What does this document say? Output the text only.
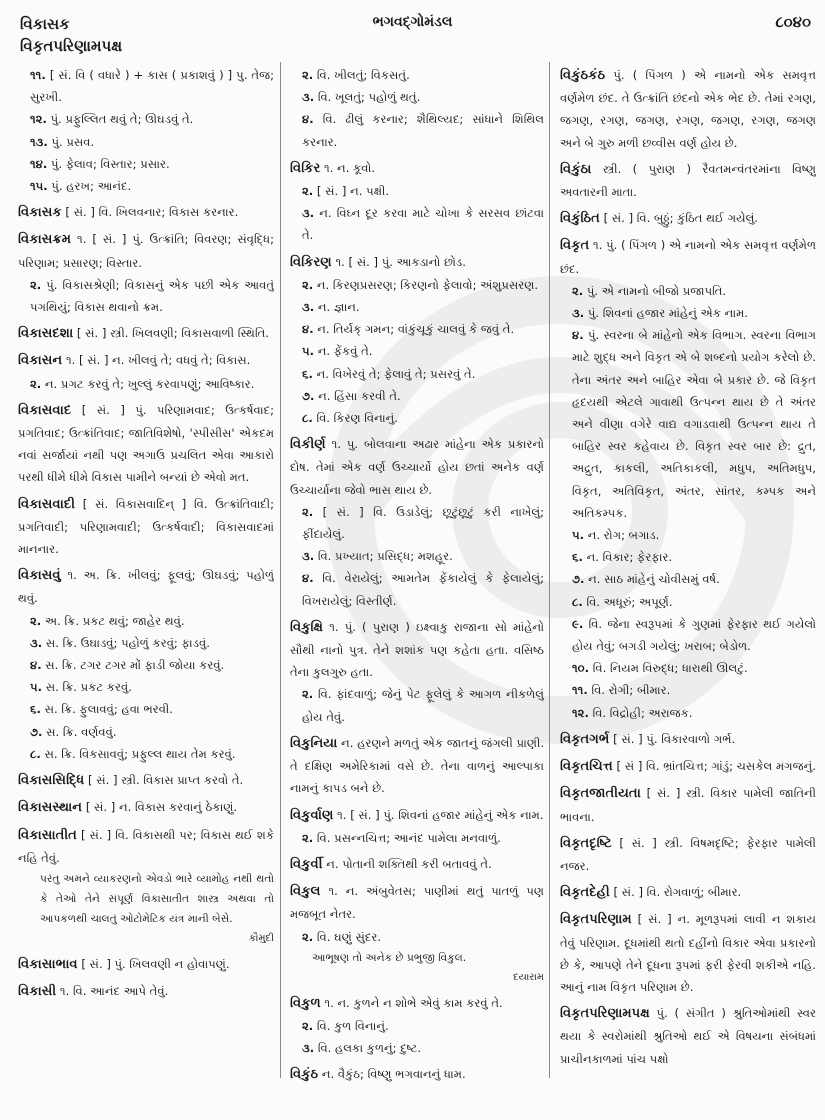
વિકાસક
વિકૃતપરિણામપક્ષ
ભગવદ્ગોમંડલ	૮૦૪૦
૧૧. [ સં. વિ ( વધારે ) + કાસ ( પ્રકાશવું ) ] પુ. તેજ; સુરખી.
૧૨. પું. પ્રફુલ્લિત થવું તે; ઊઘડવું તે.
૧૩. પું. પ્રસવ.
૧૪. પું. ફેલાવ; વિસ્તાર; પ્રસાર.
૧૫. પું. હરખ; આનંદ.
વિકાસક [ સં. ] વિ. ખિલવનાર; વિકાસ કરનાર.
વિકાસક્રમ ૧. [ સં. ] પું. ઉત્ક્રાંતિ; વિવરણ; સંવૃદ્ધિ; પરિણામ; પ્રસારણ; વિસ્તાર.
૨. પું. વિકાસશ્રેણી; વિકાસનું એક પછી એક આવતું પગથિયું; વિકાસ થવાનો ક્રમ.
વિકાસદશા [ સં. ] સ્ત્રી. ખિલવણી; વિકાસવાળી સ્થિતિ.
વિકાસન ૧. [ સં. ] ન. ખીલવું તે; વધવું તે; વિકાસ.
૨. ન. પ્રગટ કરવું તે; ખુલ્લું કરવાપણું; આવિષ્કાર.
વિકાસવાદ [ સં. ] પું. પરિણામવાદ; ઉત્કર્ષવાદ; પ્રગતિવાદ; ઉત્ક્રાંતિવાદ; જાતિવિશેષો, 'સ્પીસીસ' એકદમ નવાં સર્જાયાં નથી પણ અગાઉ પ્રચલિત એવા આકારો પરથી ધીમે ધીમે વિકાસ પામીને બન્યાં છે એવો મત.
વિકાસવાદી [ સં. વિકાસવાદિન્ ] વિ. ઉત્ક્રાંતિવાદી; પ્રગતિવાદી; પરિણામવાદી; ઉત્કર્ષવાદી; વિકાસવાદમાં માનનાર.
વિકાસવું ૧. અ. ક્રિ. ખીલવું; ફૂલવું; ઊઘડવું; પહોળું થવું.
૨. અ. ક્રિ. પ્રકટ થવું; જાહેર થવું.
૩. સ. ક્રિ. ઉઘાડવું; પહોળું કરવું; ફાડવું.
૪. સ. ક્રિ. ટગર ટગર મોં ફાડી જોયા કરવું.
૫. સ. ક્રિ. પ્રકટ કરવું.
૬. સ. ક્રિ. ફુલાવવું; હવા ભરવી.
૭. સ. ક્રિ. વર્ણવવું.
૮. સ. ક્રિ. વિકસાવવું; પ્રફુલ્લ થાય તેમ કરવું.
વિકાસસિદ્ધિ [ સં. ] સ્ત્રી. વિકાસ પ્રાપ્ત કરવો તે.
વિકાસસ્થાન [ સં. ] ન. વિકાસ કરવાનું ઠેકાણું.
વિકાસાતીત [ સં. ] વિ. વિકાસથી પર; વિકાસ થઈ શકે નહિ તેવું.
પરંતુ અમને વ્યાકરણનો એવડો ભારે વ્યામોહ નથી થતો કે તેઓ તેને સંપૂર્ણ વિકાસાતીત શાસ્ત્ર અથવા તો આપકળથી ચાલતું ઓટોમેટિક યંત્ર માની બેસે.
કૌમુદી
વિકાસાભાવ [ સં. ] પું. ખિલવણી ન હોવાપણું.
વિકાસી ૧. વિ. આનંદ આપે તેવું.
૨. વિ. ખીલતું; વિકસતું.
૩. વિ. ખૂલતું; પહોળું થતું.
૪. વિ. ઢીલું કરનાર; શૈથિલ્યદ; સાંધાને શિથિલ કરનાર.
વિકિર ૧. ન. કૂવો.
૨. [ સં. ] ન. પક્ષી.
૩. ન. વિઘ્ન દૂર કરવા માટે ચોખા કે સરસવ છાંટવા તે.
વિકિરણ ૧. [ સં. ] પું. આકડાનો છોડ.
૨. ન. કિરણપ્રસરણ; કિરણનો ફેલાવો; અંશુપ્રસરણ.
૩. ન. જ્ઞાન.
૪. ન. તિર્યક્ ગમન; વાંકુંચૂકું ચાલવું કે જવું તે.
૫. ન. ફેંકવું તે.
૬. ન. વિખેરવું તે; ફેલાવું તે; પ્રસરવું તે.
૭. ન. હિંસા કરવી તે.
૮. વિ. કિરણ વિનાનું.
વિકીર્ણ ૧. પુ. બોલવાના અઢાર માંહેના એક પ્રકારનો દોષ. તેમાં એક વર્ણ ઉચ્ચાર્યો હોય છતાં અનેક વર્ણ ઉચ્ચાર્યાના જેવો ભાસ થાય છે.
૨. [ સં. ] વિ. ઉડાડેલું; છૂટુંછૂટું કરી નાખેલું; ફીંદાયેલું.
૩. વિ. પ્રખ્યાત; પ્રસિદ્ધ; મશહૂર.
૪. વિ. વેરાયેલું; આમતેમ ફેંકાયેલું કે ફેલાયેલું; વિખરાયેલું; વિસ્તીર્ણ.
વિકુક્ષિ ૧. પું. ( પુરાણ ) ઇક્ષ્વાકુ રાજાના સો માંહેનો સૌથી નાનો પુત્ર. તેને શશાંક પણ કહેતા હતા. વસિષ્ઠ તેના કુલગુરુ હતા.
૨. વિ. ફાંદવાળું; જેનું પેટ ફૂલેલું કે આગળ નીકળેલું હોય તેવું.
વિકુનિયા ન. હરણને મળતું એક જાતનું જંગલી પ્રાણી. તે દક્ષિણ અમેરિકામાં વસે છે. તેના વાળનું આલ્પાકા નામનું કાપડ બને છે.
વિકુર્વાણ ૧. [ સં. ] પું. શિવનાં હજાર માંહેનું એક નામ.
૨. વિ. પ્રસન્નચિત્ત; આનંદ પામેલા મનવાળું.
વિકુર્વી ન. પોતાની શક્તિથી કરી બતાવવું તે.
વિકુલ ૧. ન. અંબુવેતસ; પાણીમાં થતું પાતળું પણ મજબૂત નેતર.
૨. વિ. ઘણું સુંદર.
આભૂષણ તો અનેક છે પ્રભુજી વિકુલ.
દયારામ
વિકુળ ૧. ન. કુળને ન શોભે એવું કામ કરવું તે.
૨. વિ. કુળ વિનાનું.
૩. વિ. હલકા કુળનું; દુષ્ટ.
વિકુંઠ ન. વૈકુંઠ; વિષ્ણુ ભગવાનનું ધામ.
વિકુંઠકંઠ પું. ( પિંગળ ) એ નામનો એક સમવૃત્ત વર્ણમેળ છંદ. તે ઉત્ક્રાંતિ છંદનો એક ભેદ છે. તેમાં રગણ, જગણ, રગણ, જગણ, રગણ, જગણ, રગણ, જગણ અને બે ગુરુ મળી છવ્વીસ વર્ણ હોય છે.
વિકુંઠા સ્ત્રી. ( પુરાણ ) રૈવતમન્વંતરમાંના વિષ્ણુ અવતારની માતા.
વિકુંઠિત [ સં. ] વિ. બુઠ્ઠું; કુંઠિત થઈ ગયેલું.
વિકૃત ૧. પું. ( પિંગળ ) એ નામનો એક સમવૃત્ત વર્ણમેળ છંદ.
૨. પું. એ નામનો બીજો પ્રજાપતિ.
૩. પું. શિવનાં હજાર માંહેનું એક નામ.
૪. પું. સ્વરના બે માંહેનો એક વિભાગ. સ્વરના વિભાગ માટે શુદ્ધ અને વિકૃત એ બે શબ્દનો પ્રયોગ કરેલો છે. તેના અંતર અને બાહિર એવા બે પ્રકાર છે. જે વિકૃત હૃદયથી એટલે ગાવાથી ઉત્પન્ન થાય છે તે અંતર અને વીણા વગેરે વાદ્ય વગાડવાથી ઉત્પન્ન થાય તે બાહિર સ્વર કહેવાય છે. વિકૃત સ્વર બાર છે: દ્રુત, અદ્રુત, કાકલી, અતિકાકલી, મધુપ, અતિમધુપ, વિકૃત, અતિવિકૃત, અંતર, સાંતર, કમ્પક અને અતિકમ્પક.
૫. ન. રોગ; બગાડ.
૬. ન. વિકાર; ફેરફાર.
૭. ન. સાઠ માંહેનું ચોવીસમું વર્ષ.
૮. વિ. અધૂરું; અપૂર્ણ.
૯. વિ. જેના સ્વરૂપમાં કે ગુણમાં ફેરફાર થઈ ગયેલો હોય તેવું; બગડી ગયેલું; ખરાબ; બેડોળ.
૧૦. વિ. નિયમ વિરુદ્ધ; ધારાથી ઊલટું.
૧૧. વિ. રોગી; બીમાર.
૧૨. વિ. વિદ્રોહી; અરાજક.
વિકૃતગર્ભ [ સં. ] પું. વિકારવાળો ગર્ભ.
વિકૃતચિત્ત [ સં ] વિ. ભ્રાંતચિત્ત; ગાંડું; ચસકેલ મગજનું.
વિકૃતજાતીયતા [ સં. ] સ્ત્રી. વિકાર પામેલી જાતિની ભાવના.
વિકૃતદૃષ્ટિ [ સં. ] સ્ત્રી. વિષમદૃષ્ટિ; ફેરફાર પામેલી નજર.
વિકૃતદેહી [ સં. ] વિ. રોગવાળું; બીમાર.
વિકૃતપરિણામ [ સં. ] ન. મૂળરૂપમાં લાવી ન શકાય તેવું પરિણામ. દૂધમાંથી થતો દહીંનો વિકાર એવા પ્રકારનો છે કે, આપણે તેને દૂધના રૂપમાં ફરી ફેરવી શકીએ નહિ. આનું નામ વિકૃત પરિણામ છે.
વિકૃતપરિણામપક્ષ પું. ( સંગીત ) શ્રુતિઓમાંથી સ્વર થયા કે સ્વરોમાંથી શ્રુતિઓ થઈ એ વિષયના સંબંધમાં પ્રાચીનકાળમાં પાંચ પક્ષો
